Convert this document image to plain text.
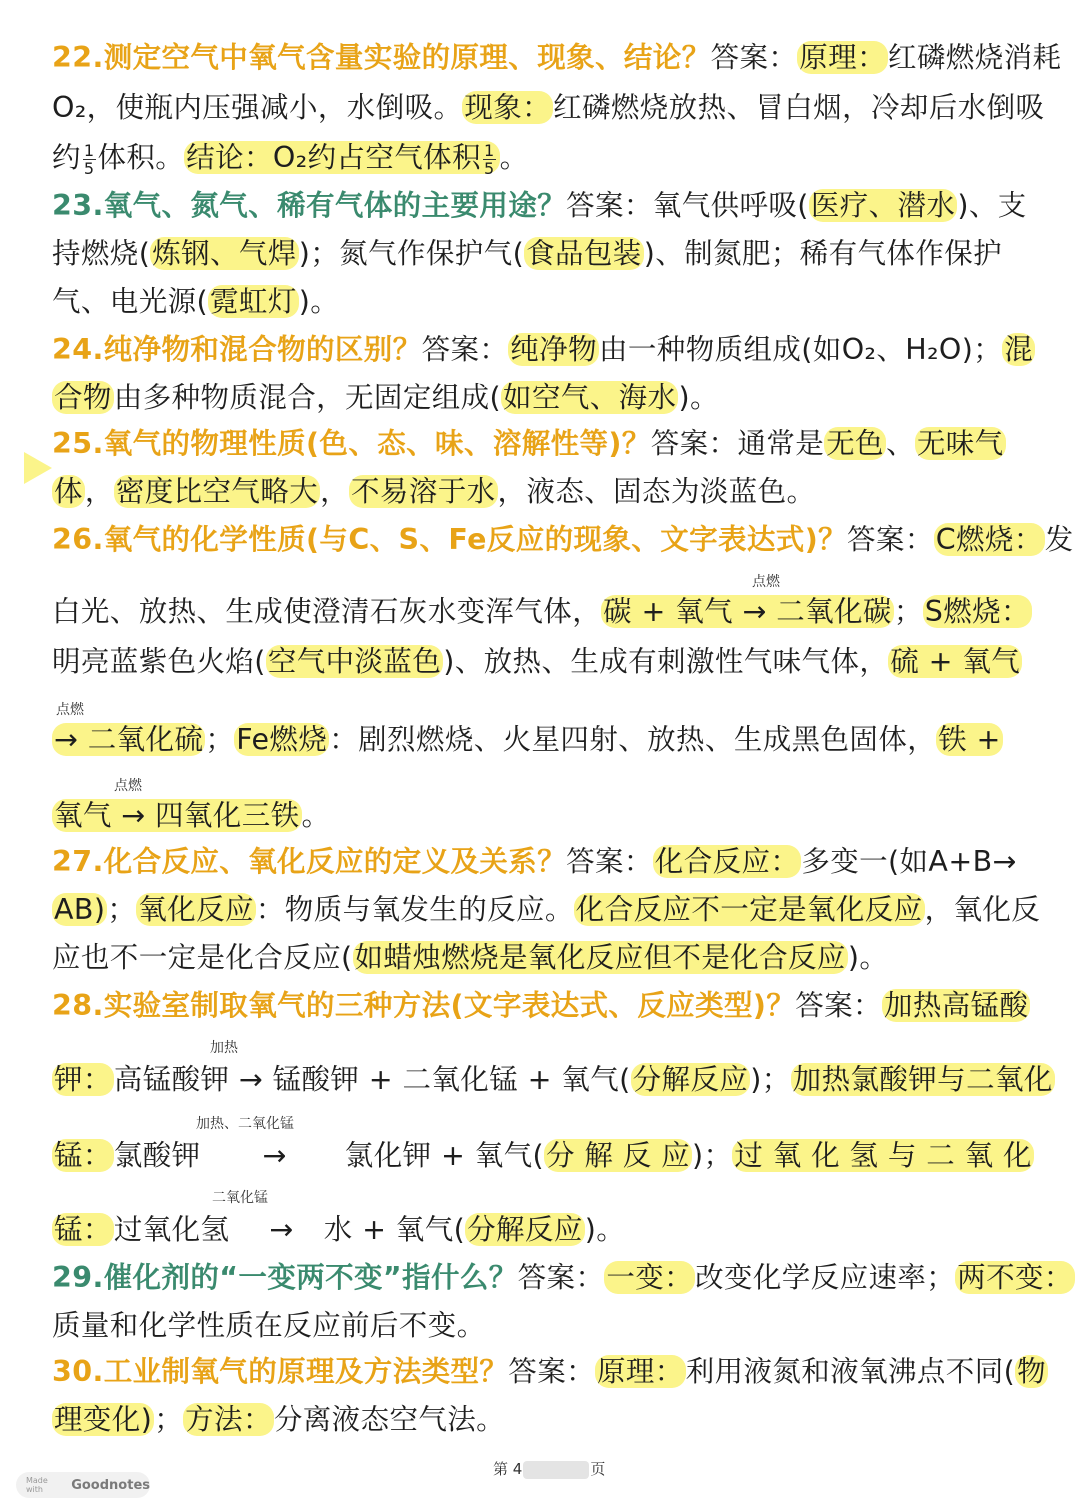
22.测定空气中氧气含量实验的原理、现象、结论？答案：原理：红磷燃烧消耗
O₂，使瓶内压强减小，水倒吸。现象：红磷燃烧放热、冒白烟，冷却后水倒吸
约 $\frac{1}{5}$ 体积。结论：O₂约占空气体积 $\frac{1}{5}$ 。
23.氧气、氮气、稀有气体的主要用途？答案：氧气供呼吸(医疗、潜水)、支
持燃烧(炼钢、气焊)；氮气作保护气(食品包装)、制氮肥；稀有气体作保护
气、电光源(霓虹灯)。
24.纯净物和混合物的区别？答案：纯净物由一种物质组成(如O₂、H₂O)；混
合物由多种物质混合，无固定组成(如空气、海水)。
25.氧气的物理性质(色、态、味、溶解性等)？答案：通常是无色、无味气
体，密度比空气略大，不易溶于水，液态、固态为淡蓝色。
26.氧气的化学性质(与C、S、Fe反应的现象、文字表达式)？答案：C燃烧：发
点燃
白光、放热、生成使澄清石灰水变浑气体，碳 + 氧气 → 二氧化碳；S燃烧：
明亮蓝紫色火焰(空气中淡蓝色)、放热、生成有刺激性气味气体，硫 + 氧气
点燃
→ 二氧化硫；Fe燃烧：剧烈燃烧、火星四射、放热、生成黑色固体，铁 +
点燃
氧气 → 四氧化三铁。
27.化合反应、氧化反应的定义及关系？答案：化合反应：多变一(如A+B→
AB)；氧化反应：物质与氧发生的反应。化合反应不一定是氧化反应，氧化反
应也不一定是化合反应(如蜡烛燃烧是氧化反应但不是化合反应)。
28.实验室制取氧气的三种方法(文字表达式、反应类型)？答案：加热高锰酸
加热
钾：高锰酸钾 → 锰酸钾 + 二氧化锰 + 氧气(分解反应)；加热氯酸钾与二氧化
加热、二氧化锰
锰：氯酸钾 → 氯化钾 + 氧气(分 解 反 应)；过 氧 化 氢 与 二 氧 化
二氧化锰
锰：过氧化氢 → 水 + 氧气(分解反应)。
29.催化剂的“一变两不变”指什么？答案：一变：改变化学反应速率；两不变：
质量和化学性质在反应前后不变。
30.工业制氧气的原理及方法类型？答案：原理：利用液氮和液氧沸点不同(物
理变化)；方法：分离液态空气法。
第 4	页
Made with	Goodnotes
